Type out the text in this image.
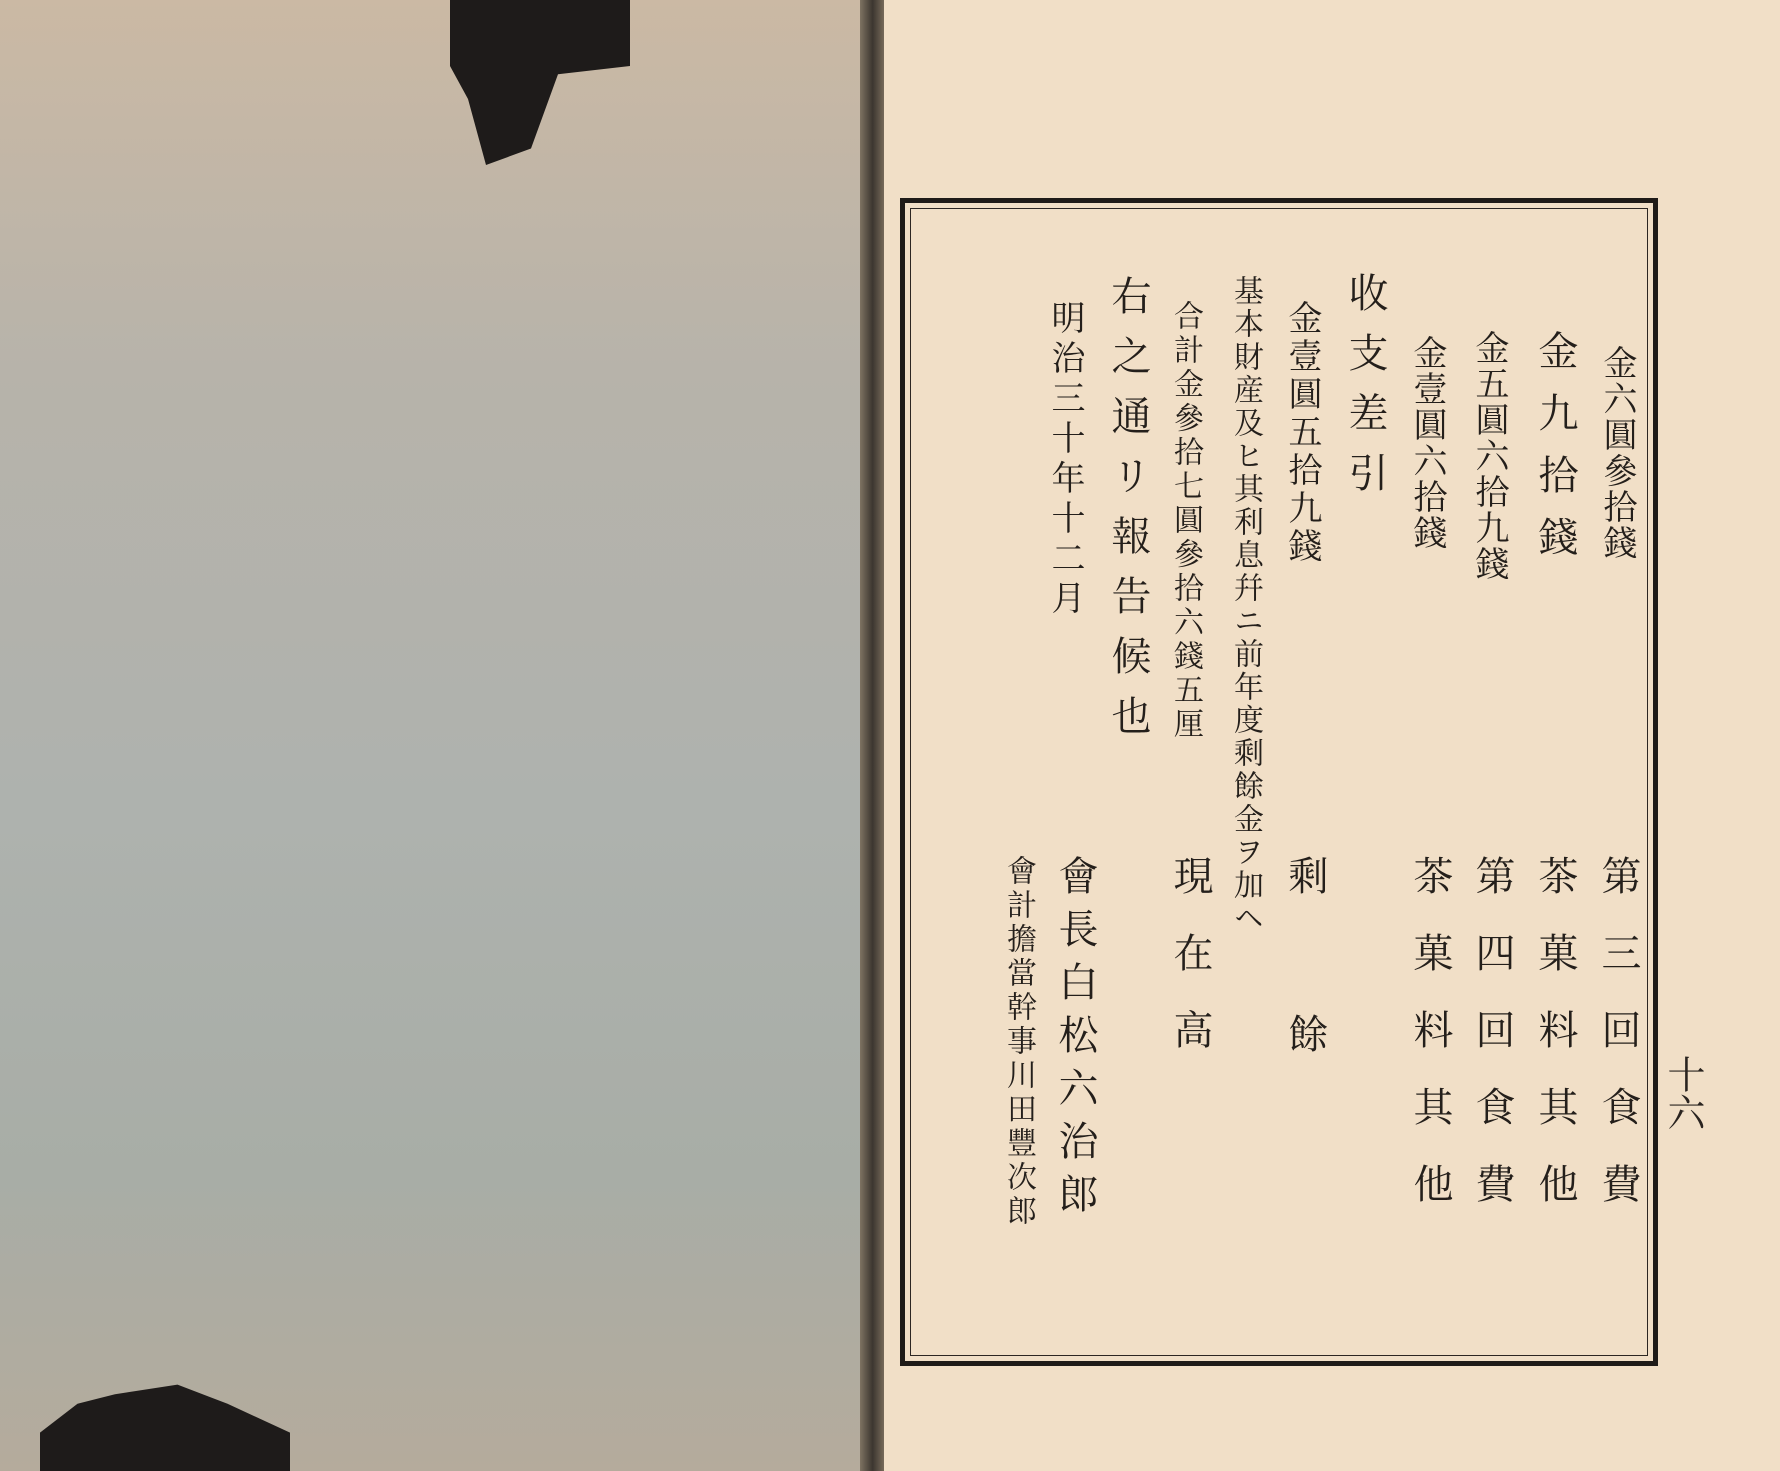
金六圓參拾錢
金九拾錢
金五圓六拾九錢
金壹圓六拾錢
收支差引
金壹圓五拾九錢
基本財産及ヒ其利息幷ニ前年度剩餘金ヲ加ヘ
合計金參拾七圓參拾六錢五厘
右之通リ報告候也
明治三十年十二月
第三回食費
茶菓料其他
第四回食費
茶菓料其他
剩餘
現在高
會長白松六治郎
會計擔當幹事川田豐次郎	十六
